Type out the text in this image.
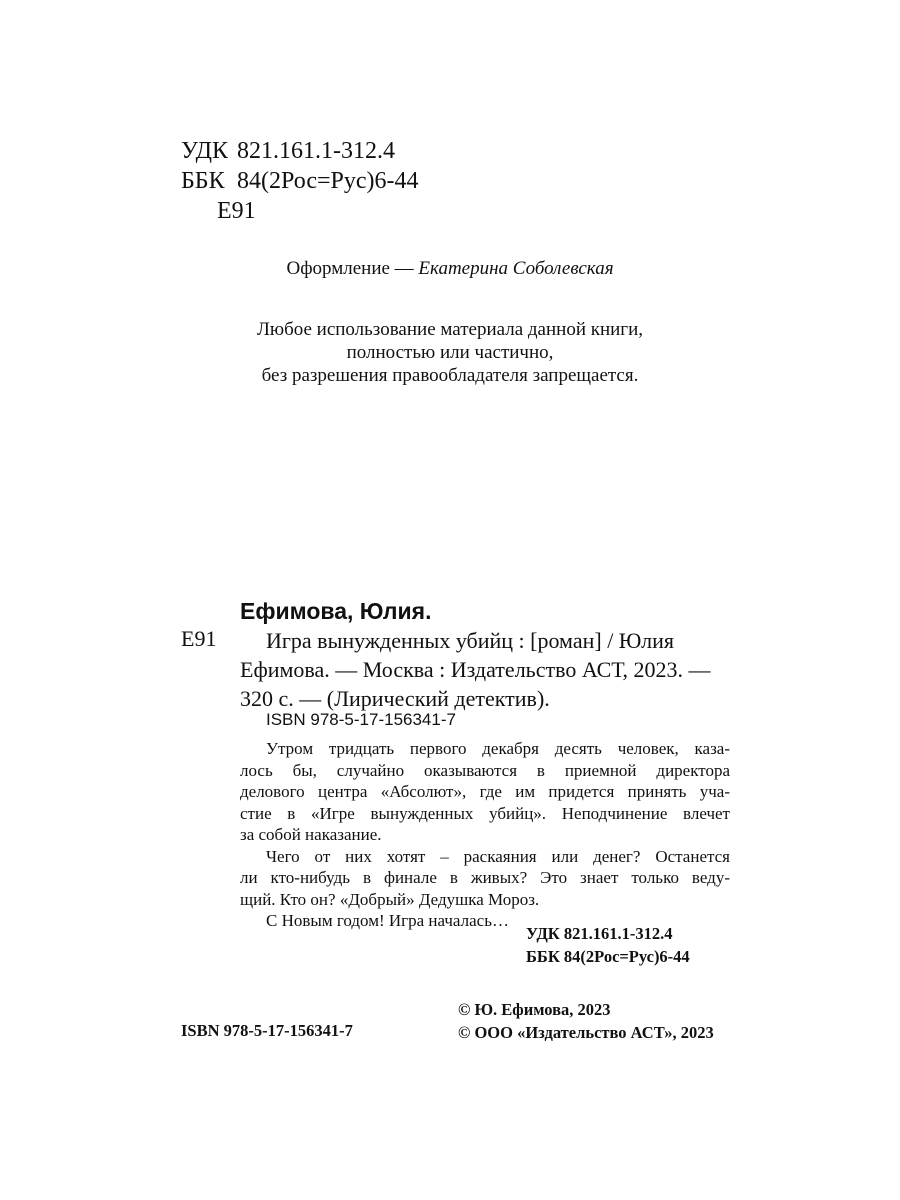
УДК 821.161.1-312.4
ББК 84(2Рос=Рус)6-44
Е91
Оформление — Екатерина Соболевская
Любое использование материала данной книги,
полностью или частично,
без разрешения правообладателя запрещается.
Ефимова, Юлия.
Е91	Игра вынужденных убийц : [роман] / Юлия
Ефимова. — Москва : Издательство АСТ, 2023. —
320 с. — (Лирический детектив).
ISBN 978-5-17-156341-7
Утром тридцать первого декабря десять человек, каза-
лось бы, случайно оказываются в приемной директора
делового центра «Абсолют», где им придется принять уча-
стие в «Игре вынужденных убийц». Неподчинение влечет
за собой наказание.
Чего от них хотят – раскаяния или денег? Останется
ли кто-нибудь в финале в живых? Это знает только веду-
щий. Кто он? «Добрый» Дедушка Мороз.
С Новым годом! Игра началась…
УДК 821.161.1-312.4
ББК 84(2Рос=Рус)6-44
© Ю. Ефимова, 2023
© ООО «Издательство АСТ», 2023
ISBN 978-5-17-156341-7
